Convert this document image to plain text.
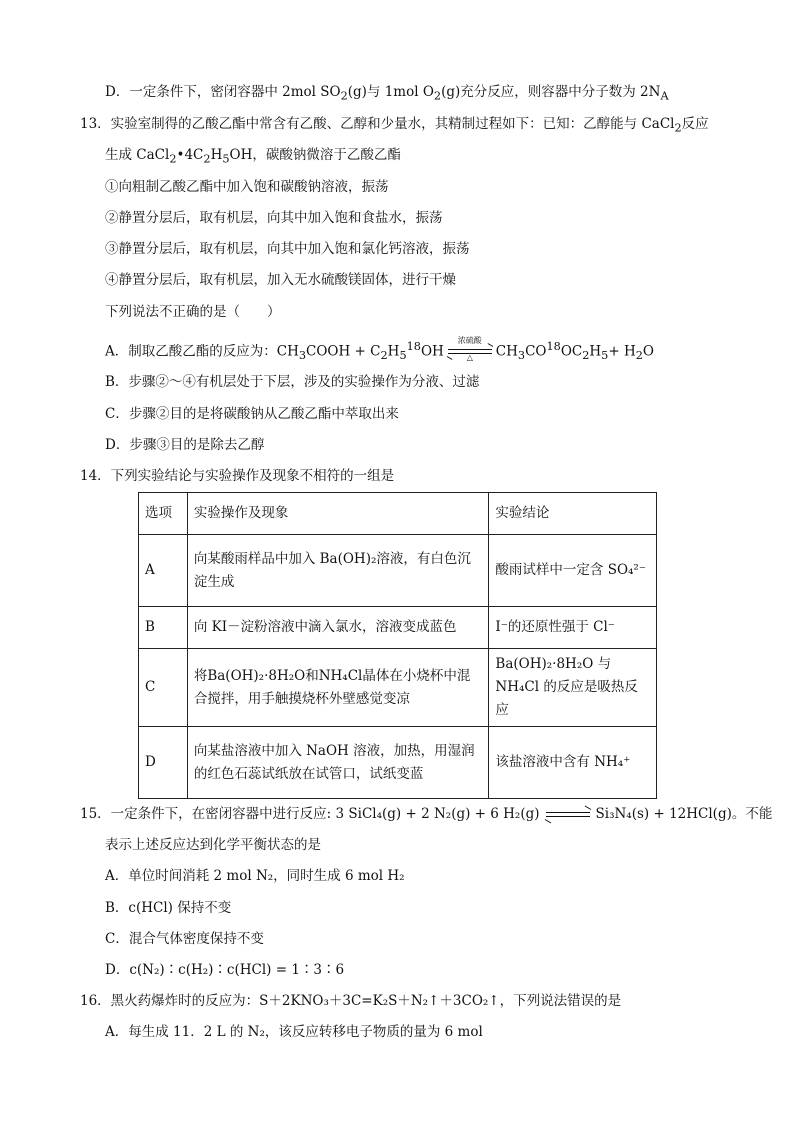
D．一定条件下，密闭容器中 2mol $SO_2(g)$与 1mol $O_2(g)$充分反应，则容器中分子数为 $2N_A$
13．实验室制得的乙酸乙酯中常含有乙酸、乙醇和少量水，其精制过程如下：已知：乙醇能与 CaCl$_2$反应
生成 $CaCl_2•4C_2H_5OH$，碳酸钠微溶于乙酸乙酯
①向粗制乙酸乙酯中加入饱和碳酸钠溶液，振荡
②静置分层后，取有机层，向其中加入饱和食盐水，振荡
③静置分层后，取有机层，向其中加入饱和氯化钙溶液，振荡
④静置分层后，取有机层，加入无水硫酸镁固体，进行干燥
下列说法不正确的是（　　）
A．制取乙酸乙酯的反应为：$CH_3COOH + C_2H_5^{18}OH$
浓硫酸
△	$CH_3CO^{18}OC_2H_5+ H_2O$
B．步骤②～④有机层处于下层，涉及的实验操作为分液、过滤
C．步骤②目的是将碳酸钠从乙酸乙酯中萃取出来
D．步骤③目的是除去乙醇
14．下列实验结论与实验操作及现象不相符的一组是
选项	实验操作及现象	实验结论
A	向某酸雨样品中加入 Ba(OH)₂溶液，有白色沉淀生成	酸雨试样中一定含 SO₄²⁻
B	向 KI－淀粉溶液中滴入氯水，溶液变成蓝色	I⁻的还原性强于 Cl⁻
C	将Ba(OH)₂·8H₂O和NH₄Cl晶体在小烧杯中混合搅拌，用手触摸烧杯外壁感觉变凉	Ba(OH)₂·8H₂O 与 NH₄Cl 的反应是吸热反应
D	向某盐溶液中加入 NaOH 溶液，加热，用湿润的红色石蕊试纸放在试管口，试纸变蓝	该盐溶液中含有 NH₄⁺
15．一定条件下，在密闭容器中进行反应: 3 SiCl₄(g) + 2 N₂(g) + 6 H₂(g)	Si₃N₄(s) + 12HCl(g)。不能
表示上述反应达到化学平衡状态的是
A．单位时间消耗 2 mol N₂，同时生成 6 mol H₂
B．c(HCl) 保持不变
C．混合气体密度保持不变
D．c(N₂)∶c(H₂)∶c(HCl) = 1∶3∶6
16．黑火药爆炸时的反应为：S＋2KNO₃＋3C=K₂S＋N₂↑＋3CO₂↑，下列说法错误的是
A．每生成 11．2 L 的 N₂，该反应转移电子物质的量为 6 mol
